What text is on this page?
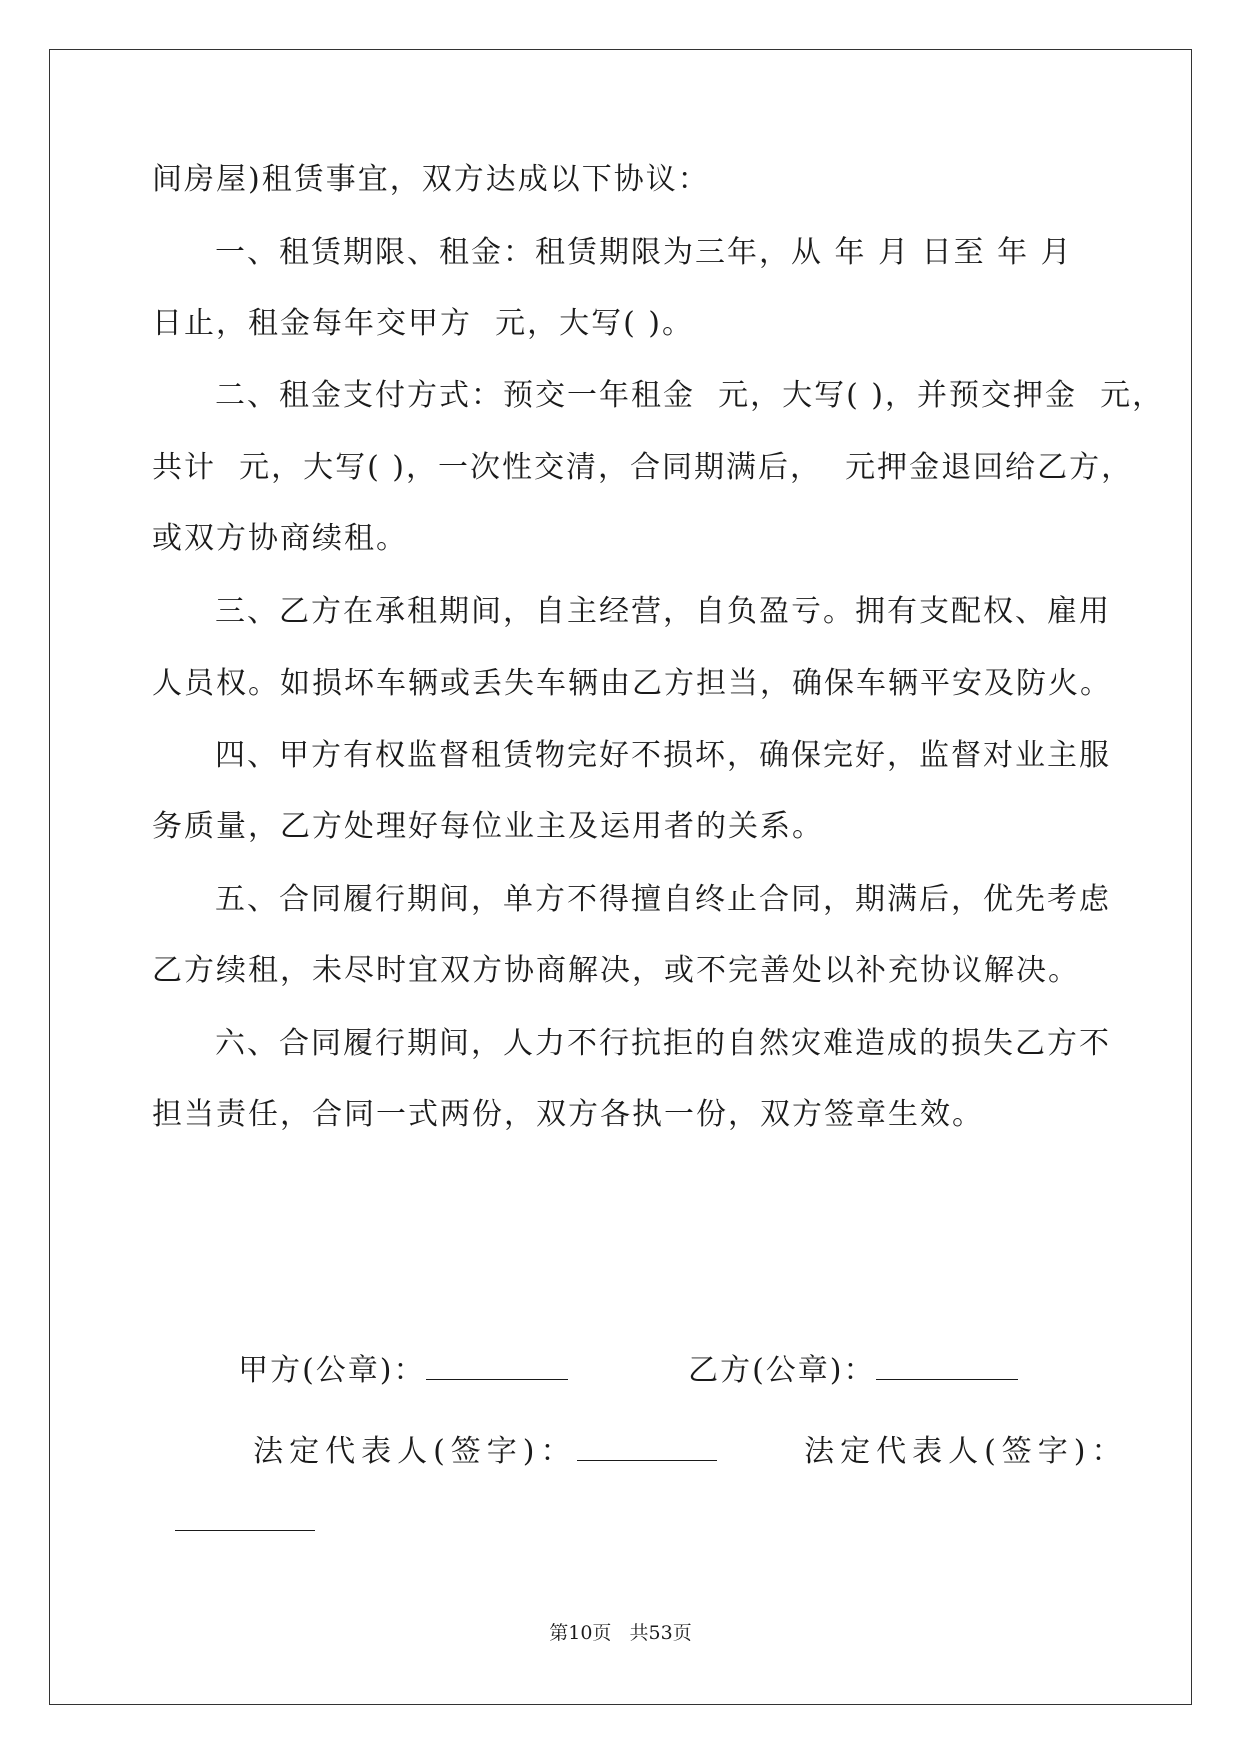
间房屋)租赁事宜，双方达成以下协议：
一、租赁期限、租金：租赁期限为三年，从 年 月 日至 年 月
日止，租金每年交甲方  元，大写( )。
二、租金支付方式：预交一年租金  元，大写( )，并预交押金  元，
共计  元，大写( )，一次性交清，合同期满后，  元押金退回给乙方，
或双方协商续租。
三、乙方在承租期间，自主经营，自负盈亏。拥有支配权、雇用
人员权。如损坏车辆或丢失车辆由乙方担当，确保车辆平安及防火。
四、甲方有权监督租赁物完好不损坏，确保完好，监督对业主服
务质量，乙方处理好每位业主及运用者的关系。
五、合同履行期间，单方不得擅自终止合同，期满后，优先考虑
乙方续租，未尽时宜双方协商解决，或不完善处以补充协议解决。
六、合同履行期间，人力不行抗拒的自然灾难造成的损失乙方不
担当责任，合同一式两份，双方各执一份，双方签章生效。

甲方(公章)：	乙方(公章)：

法定代表人(签字)：	法定代表人(签字)：

第10页   共53页
